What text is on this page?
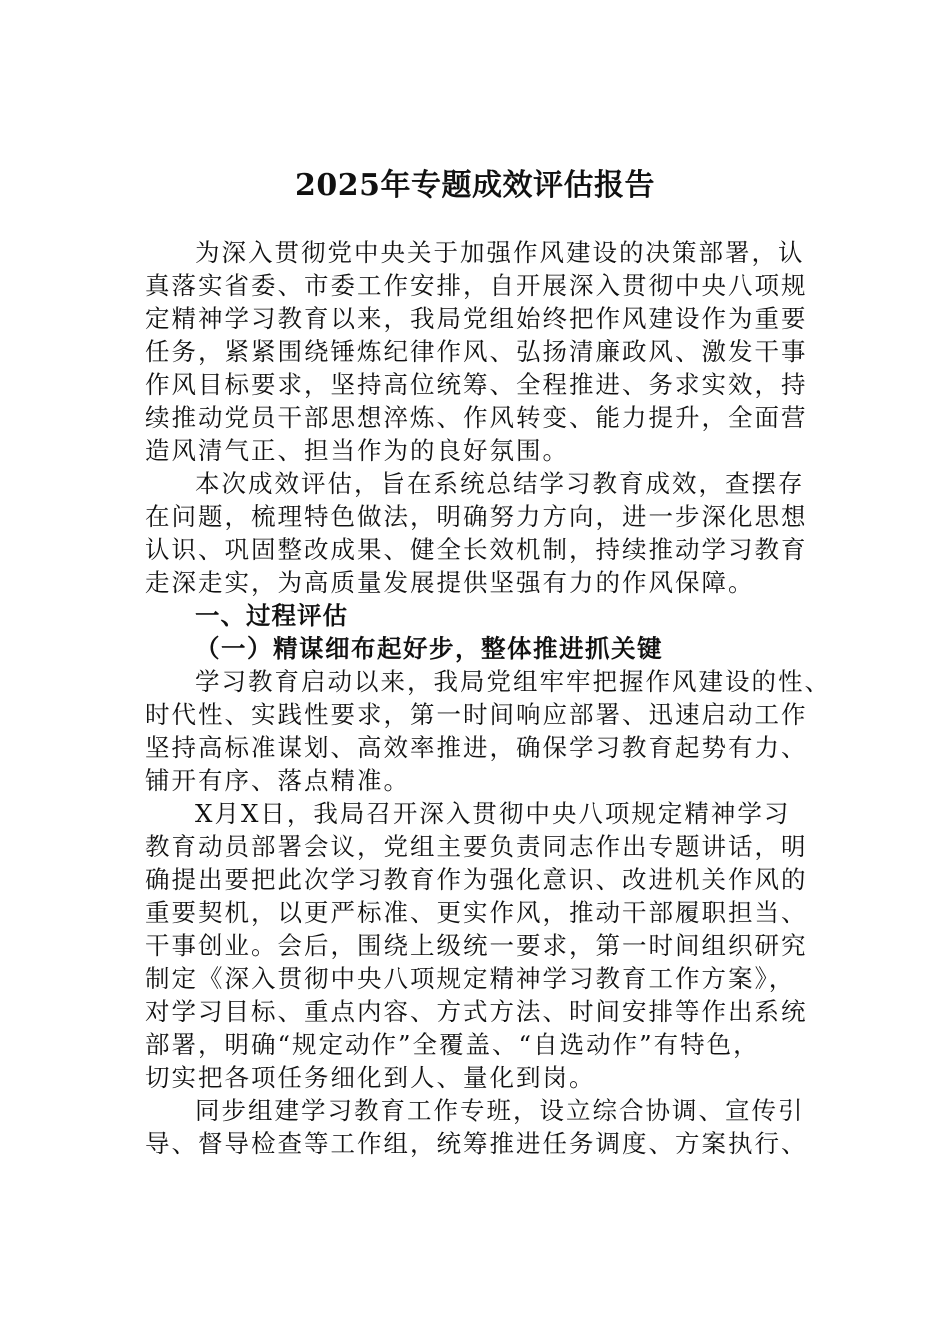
2025年专题成效评估报告
为深入贯彻党中央关于加强作风建设的决策部署，认
真落实省委、市委工作安排，自开展深入贯彻中央八项规
定精神学习教育以来，我局党组始终把作风建设作为重要
任务，紧紧围绕锤炼纪律作风、弘扬清廉政风、激发干事
作风目标要求，坚持高位统筹、全程推进、务求实效，持
续推动党员干部思想淬炼、作风转变、能力提升，全面营
造风清气正、担当作为的良好氛围。
本次成效评估，旨在系统总结学习教育成效，查摆存
在问题，梳理特色做法，明确努力方向，进一步深化思想
认识、巩固整改成果、健全长效机制，持续推动学习教育
走深走实，为高质量发展提供坚强有力的作风保障。
一、过程评估
（一）精谋细布起好步，整体推进抓关键
学习教育启动以来，我局党组牢牢把握作风建设的性、
时代性、实践性要求，第一时间响应部署、迅速启动工作
坚持高标准谋划、高效率推进，确保学习教育起势有力、
铺开有序、落点精准。
X月X日，我局召开深入贯彻中央八项规定精神学习
教育动员部署会议，党组主要负责同志作出专题讲话，明
确提出要把此次学习教育作为强化意识、改进机关作风的
重要契机，以更严标准、更实作风，推动干部履职担当、
干事创业。会后，围绕上级统一要求，第一时间组织研究
制定《深入贯彻中央八项规定精神学习教育工作方案》，
对学习目标、重点内容、方式方法、时间安排等作出系统
部署，明确“规定动作”全覆盖、“自选动作”有特色，
切实把各项任务细化到人、量化到岗。
同步组建学习教育工作专班，设立综合协调、宣传引
导、督导检查等工作组，统筹推进任务调度、方案执行、
